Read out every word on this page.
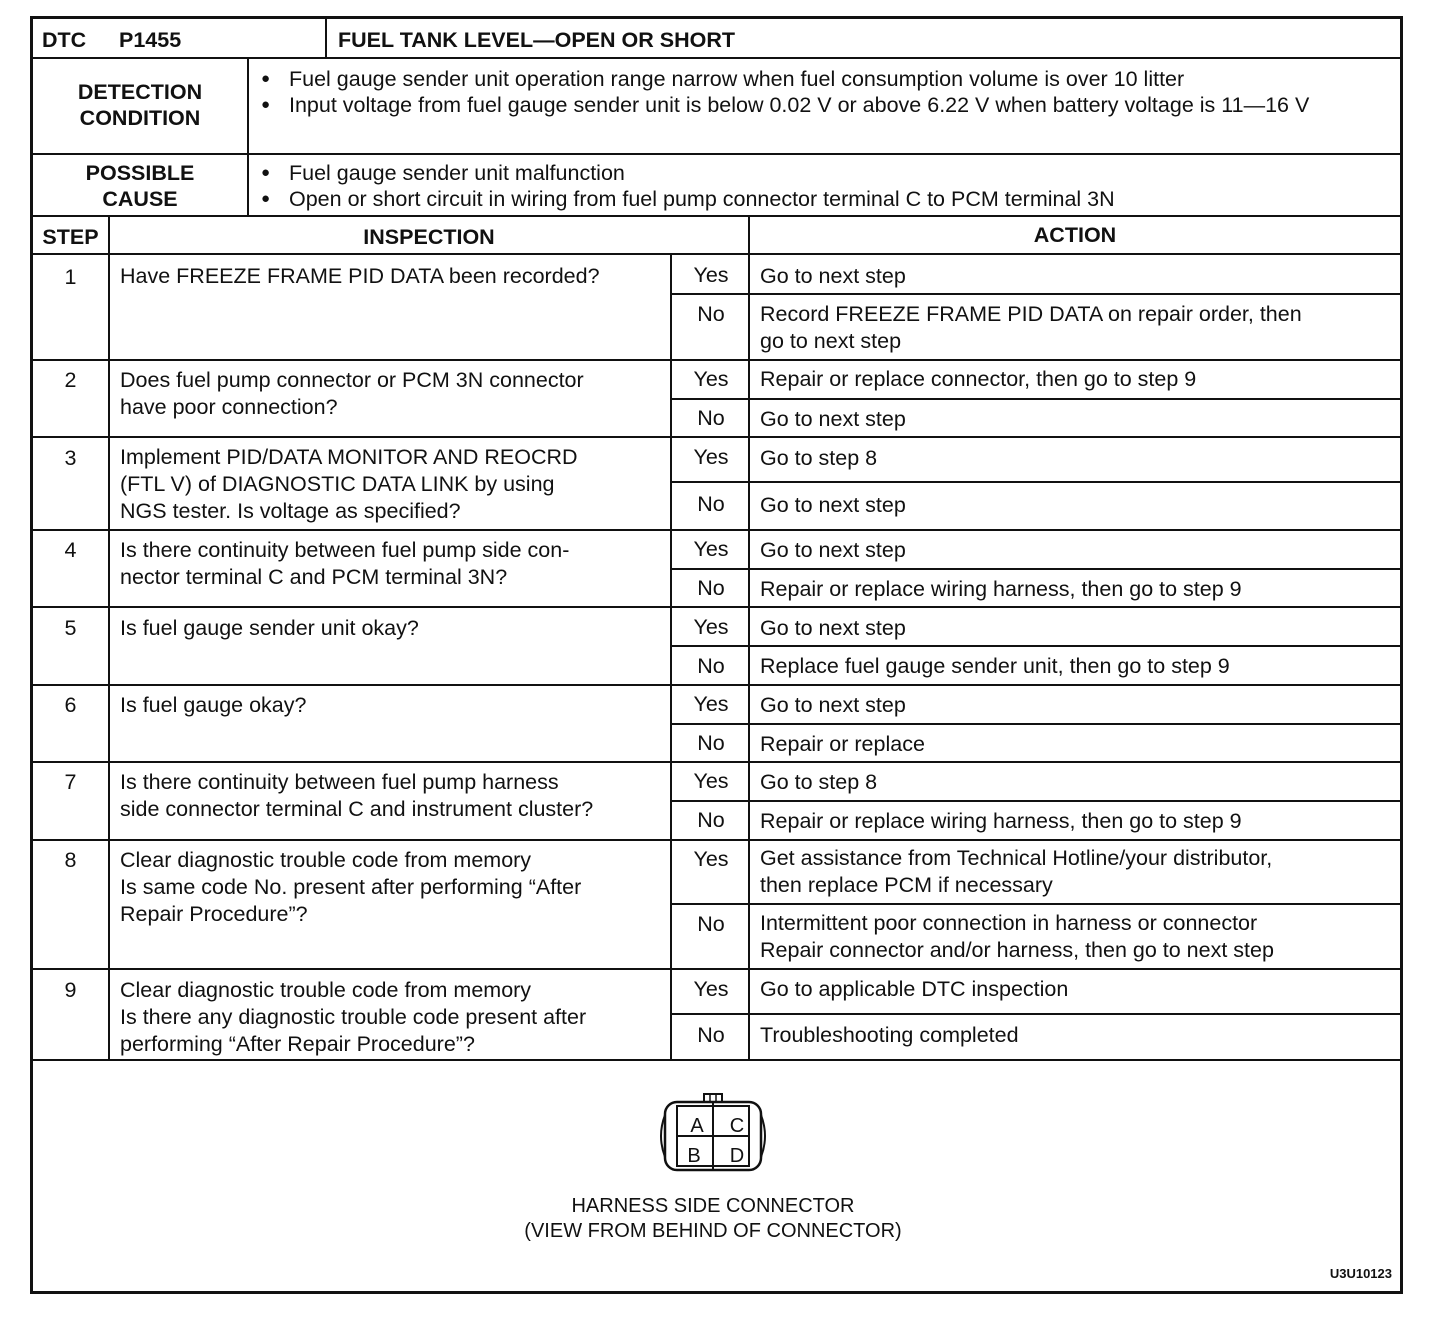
DTC P1455	FUEL TANK LEVEL—OPEN OR SHORT
DETECTION
CONDITION
● Fuel gauge sender unit operation range narrow when fuel consumption volume is over 10 litter
● Input voltage from fuel gauge sender unit is below 0.02 V or above 6.22 V when battery voltage is 11—16 V
POSSIBLE
CAUSE
● Fuel gauge sender unit malfunction
● Open or short circuit in wiring from fuel pump connector terminal C to PCM terminal 3N
STEP	INSPECTION	ACTION
1	Have FREEZE FRAME PID DATA been recorded?	Yes	Go to next step
No	Record FREEZE FRAME PID DATA on repair order, then
go to next step
2	Does fuel pump connector or PCM 3N connector
have poor connection?
Yes	Repair or replace connector, then go to step 9
No	Go to next step
3	Implement PID/DATA MONITOR AND REOCRD
(FTL V) of DIAGNOSTIC DATA LINK by using
NGS tester. Is voltage as specified?
Yes	Go to step 8
No	Go to next step
4	Is there continuity between fuel pump side con-
nector terminal C and PCM terminal 3N?
Yes	Go to next step
No	Repair or replace wiring harness, then go to step 9
5	Is fuel gauge sender unit okay?	Yes	Go to next step
No	Replace fuel gauge sender unit, then go to step 9
6	Is fuel gauge okay?	Yes	Go to next step
No	Repair or replace
7	Is there continuity between fuel pump harness
side connector terminal C and instrument cluster?
Yes	Go to step 8
No	Repair or replace wiring harness, then go to step 9
8	Clear diagnostic trouble code from memory
Is same code No. present after performing “After
Repair Procedure”?
Yes	Get assistance from Technical Hotline/your distributor,
then replace PCM if necessary
No	Intermittent poor connection in harness or connector
Repair connector and/or harness, then go to next step
9	Clear diagnostic trouble code from memory
Is there any diagnostic trouble code present after
performing “After Repair Procedure”?
Yes	Go to applicable DTC inspection
No	Troubleshooting completed
A C
B D
HARNESS SIDE CONNECTOR
(VIEW FROM BEHIND OF CONNECTOR)
U3U10123
